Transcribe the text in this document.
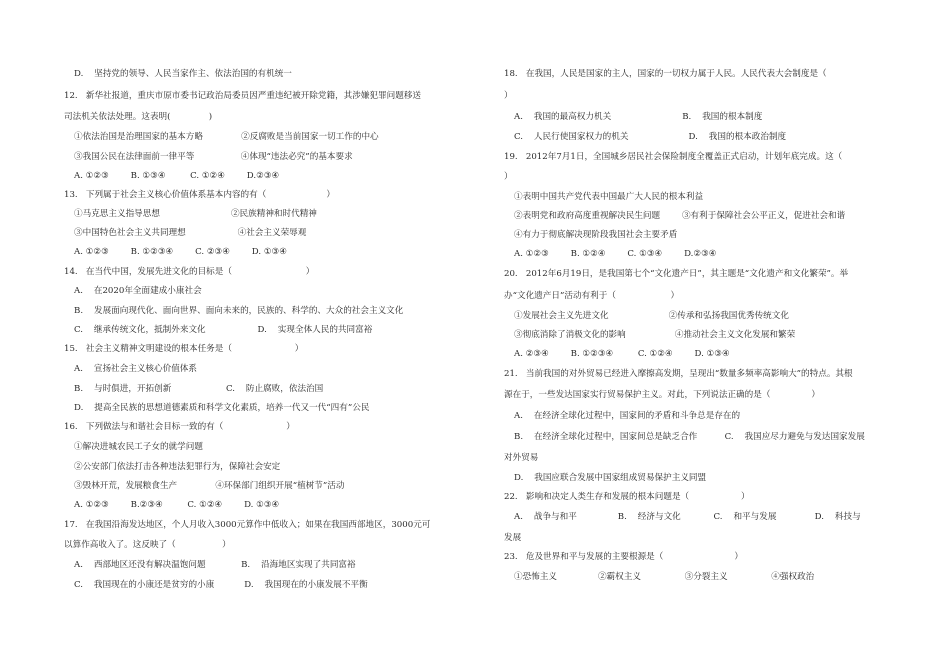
D.    坚持党的领导、人民当家作主、依法治国的有机统一
12.   新华社报道，重庆市原市委书记政治局委员因严重违纪被开除党籍，其涉嫌犯罪问题移送
司法机关依法处理。这表明(              )
①依法治国是治理国家的基本方略              ②反腐败是当前国家一切工作的中心
③我国公民在法律面前一律平等                 ④体现“违法必究”的基本要求
A. ①②③        B. ①③④         C. ①②④        D.②③④
13.   下列属于社会主义核心价值体系基本内容的有（                      ）
①马克思主义指导思想                          ②民族精神和时代精神
③中国特色社会主义共同理想                   ④社会主义荣辱观
A. ①②③        B. ①②③④        C. ②③④        D. ①③④
14.   在当代中国，发展先进文化的目标是（                           ）
A.    在2020年全面建成小康社会
B.    发展面向现代化、面向世界、面向未来的，民族的、科学的、大众的社会主义文化
C.    继承传统文化，抵制外来文化                   D.    实现全体人民的共同富裕
15.   社会主义精神文明建设的根本任务是（                       ）
A.    宣扬社会主义核心价值体系
B.    与时俱进，开拓创新                    C.    防止腐败，依法治国
D.    提高全民族的思想道德素质和科学文化素质，培养一代又一代“四有”公民
16.   下列做法与和谐社会目标一致的有（                       ）
①解决进城农民工子女的就学问题
②公安部门依法打击各种违法犯罪行为，保障社会安定
③毁林开荒，发展粮食生产              ④环保部门组织开展“植树节”活动
A. ①②③        B.②③④         C. ①②④        D. ①③④
17.   在我国沿海发达地区，个人月收入3000元算作中低收入；如果在我国西部地区，3000元可
以算作高收入了。这反映了（                 ）
A.    西部地区还没有解决温饱问题             B.    沿海地区实现了共同富裕
C.    我国现在的小康还是贫穷的小康           D.    我国现在的小康发展不平衡
18.   在我国，人民是国家的主人，国家的一切权力属于人民。人民代表大会制度是（
）
A.    我国的最高权力机关                          B.    我国的根本制度
C.    人民行使国家权力的机关                      D.    我国的根本政治制度
19.   2012年7月1日，全国城乡居民社会保险制度全覆盖正式启动，计划年底完成。这（
）
①表明中国共产党代表中国最广大人民的根本利益
②表明党和政府高度重视解决民生问题        ③有利于保障社会公平正义，促进社会和谐
④有力于彻底解决现阶段我国社会主要矛盾
A. ①②③        B. ①②④        C. ①③④        D.②③④
20.   2012年6月19日，是我国第七个“文化遗产日”，其主题是“文化遗产和文化繁荣”。举
办“文化遗产日”活动有利于（                    ）
①发展社会主义先进文化                      ②传承和弘扬我国优秀传统文化
③彻底消除了消极文化的影响                  ④推动社会主义文化发展和繁荣
A. ②③④        B. ①②③④         C. ①②④        D. ①③④
21.   当前我国的对外贸易已经进入摩擦高发期，呈现出“数量多频率高影响大”的特点。其根
源在于，一些发达国家实行贸易保护主义。对此，下列说法正确的是（               ）
A.    在经济全球化过程中，国家间的矛盾和斗争总是存在的
B.    在经济全球化过程中，国家间总是缺乏合作          C.    我国应尽力避免与发达国家发展
对外贸易
D.    我国应联合发展中国家组成贸易保护主义同盟
22.   影响和决定人类生存和发展的根本问题是（                   ）
A.    战争与和平               B.    经济与文化            C.    和平与发展              D.    科技与
发展
23.   危及世界和平与发展的主要根源是（                          ）
①恐怖主义               ②霸权主义                ③分裂主义                ④强权政治
